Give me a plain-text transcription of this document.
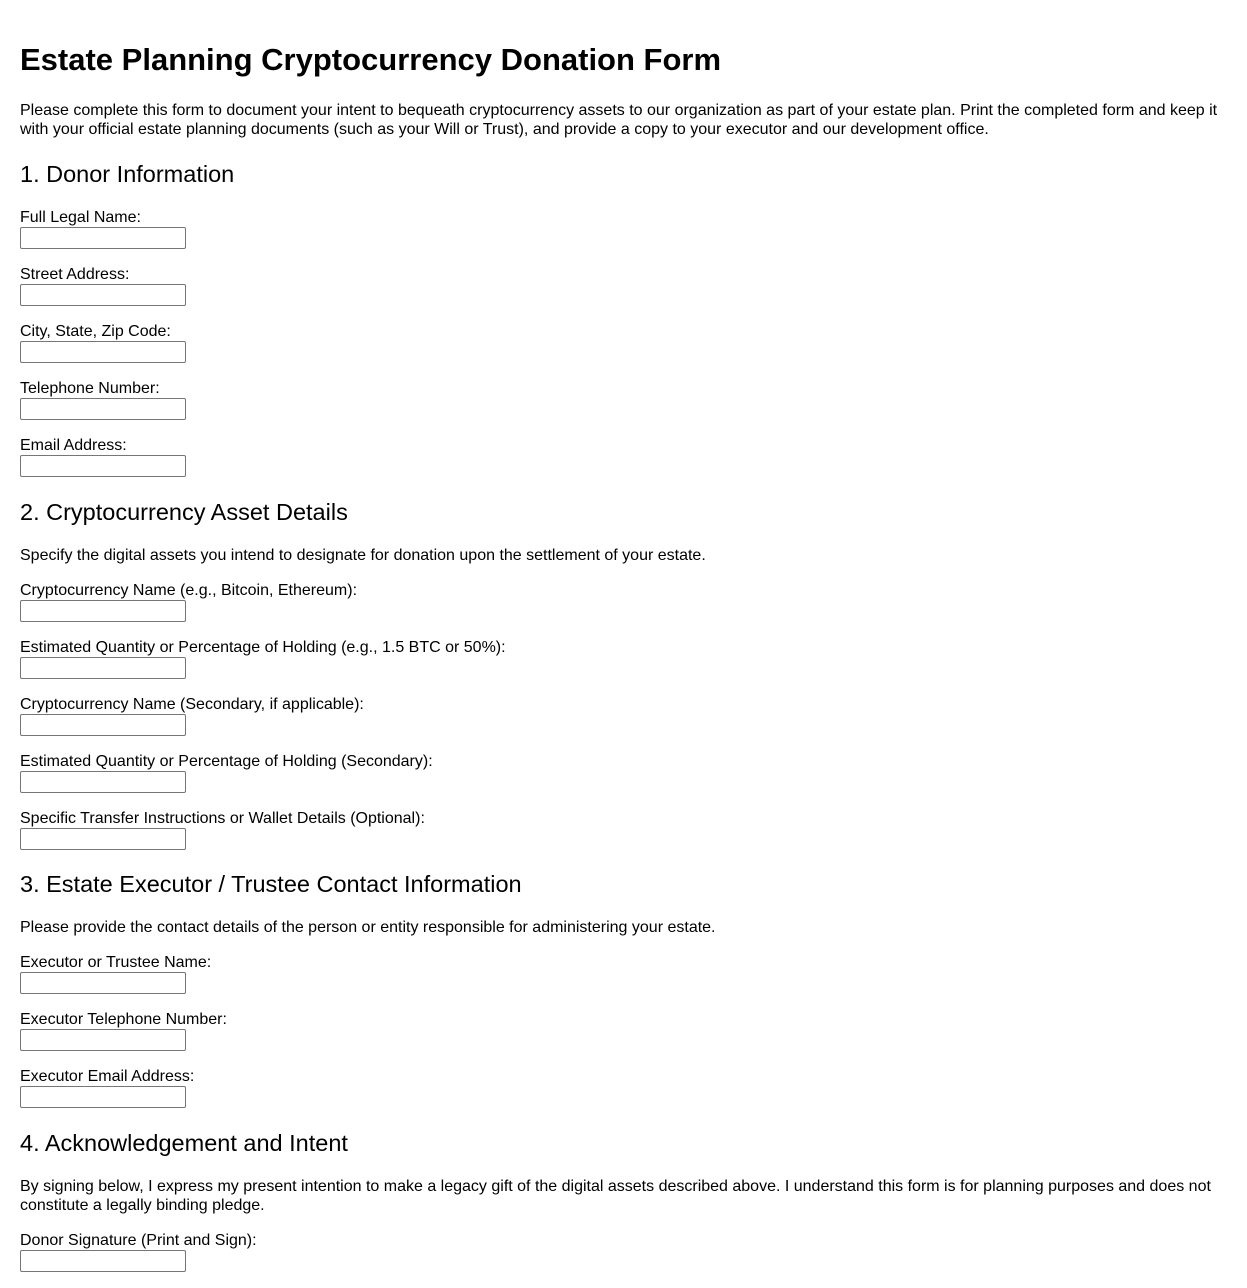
Estate Planning Cryptocurrency Donation Form

Please complete this form to document your intent to bequeath cryptocurrency assets to our organization as part of your estate plan. Print the completed form and keep it with your official estate planning documents (such as your Will or Trust), and provide a copy to your executor and our development office.

1. Donor Information
Full Legal Name:
Street Address:
City, State, Zip Code:
Telephone Number:
Email Address:
2. Cryptocurrency Asset Details

Specify the digital assets you intend to designate for donation upon the settlement of your estate.

Cryptocurrency Name (e.g., Bitcoin, Ethereum):
Estimated Quantity or Percentage of Holding (e.g., 1.5 BTC or 50%):
Cryptocurrency Name (Secondary, if applicable):
Estimated Quantity or Percentage of Holding (Secondary):
Specific Transfer Instructions or Wallet Details (Optional):
3. Estate Executor / Trustee Contact Information

Please provide the contact details of the person or entity responsible for administering your estate.

Executor or Trustee Name:
Executor Telephone Number:
Executor Email Address:
4. Acknowledgement and Intent

By signing below, I express my present intention to make a legacy gift of the digital assets described above. I understand this form is for planning purposes and does not constitute a legally binding pledge.

Donor Signature (Print and Sign):
